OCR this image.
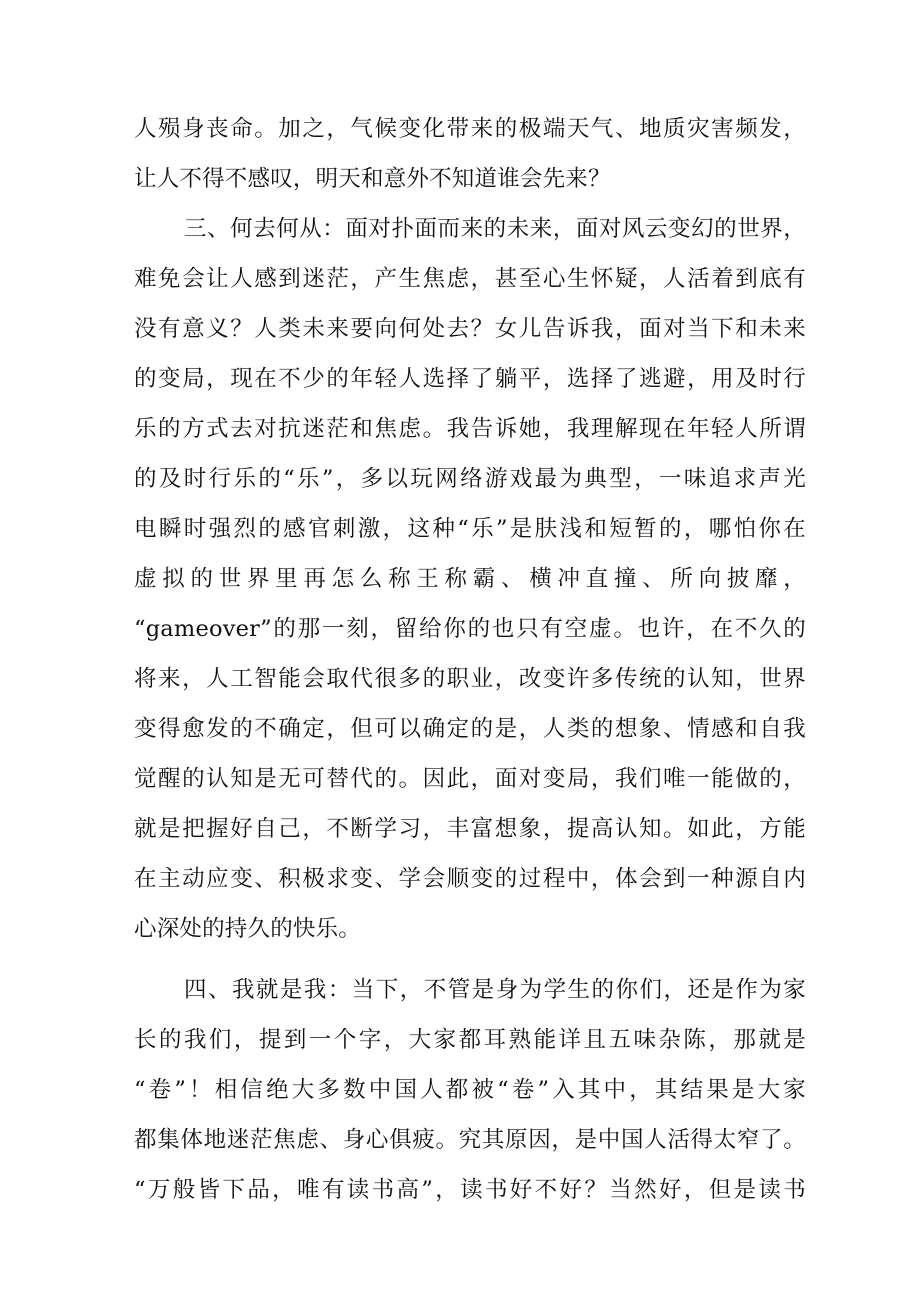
人殒身丧命。加之，气候变化带来的极端天气、地质灾害频发，
让人不得不感叹，明天和意外不知道谁会先来？
三、何去何从：面对扑面而来的未来，面对风云变幻的世界，
难免会让人感到迷茫，产生焦虑，甚至心生怀疑，人活着到底有
没有意义？人类未来要向何处去？女儿告诉我，面对当下和未来
的变局，现在不少的年轻人选择了躺平，选择了逃避，用及时行
乐的方式去对抗迷茫和焦虑。我告诉她，我理解现在年轻人所谓
的及时行乐的“乐”，多以玩网络游戏最为典型，一味追求声光
电瞬时强烈的感官刺激，这种“乐”是肤浅和短暂的，哪怕你在
虚拟的世界里再怎么称王称霸、横冲直撞、所向披靡，
“gameover”的那一刻，留给你的也只有空虚。也许，在不久的
将来，人工智能会取代很多的职业，改变许多传统的认知，世界
变得愈发的不确定，但可以确定的是，人类的想象、情感和自我
觉醒的认知是无可替代的。因此，面对变局，我们唯一能做的，
就是把握好自己，不断学习，丰富想象，提高认知。如此，方能
在主动应变、积极求变、学会顺变的过程中，体会到一种源自内
心深处的持久的快乐。
四、我就是我：当下，不管是身为学生的你们，还是作为家
长的我们，提到一个字，大家都耳熟能详且五味杂陈，那就是
“卷”！相信绝大多数中国人都被“卷”入其中，其结果是大家
都集体地迷茫焦虑、身心俱疲。究其原因，是中国人活得太窄了。
“万般皆下品，唯有读书高”，读书好不好？当然好，但是读书
